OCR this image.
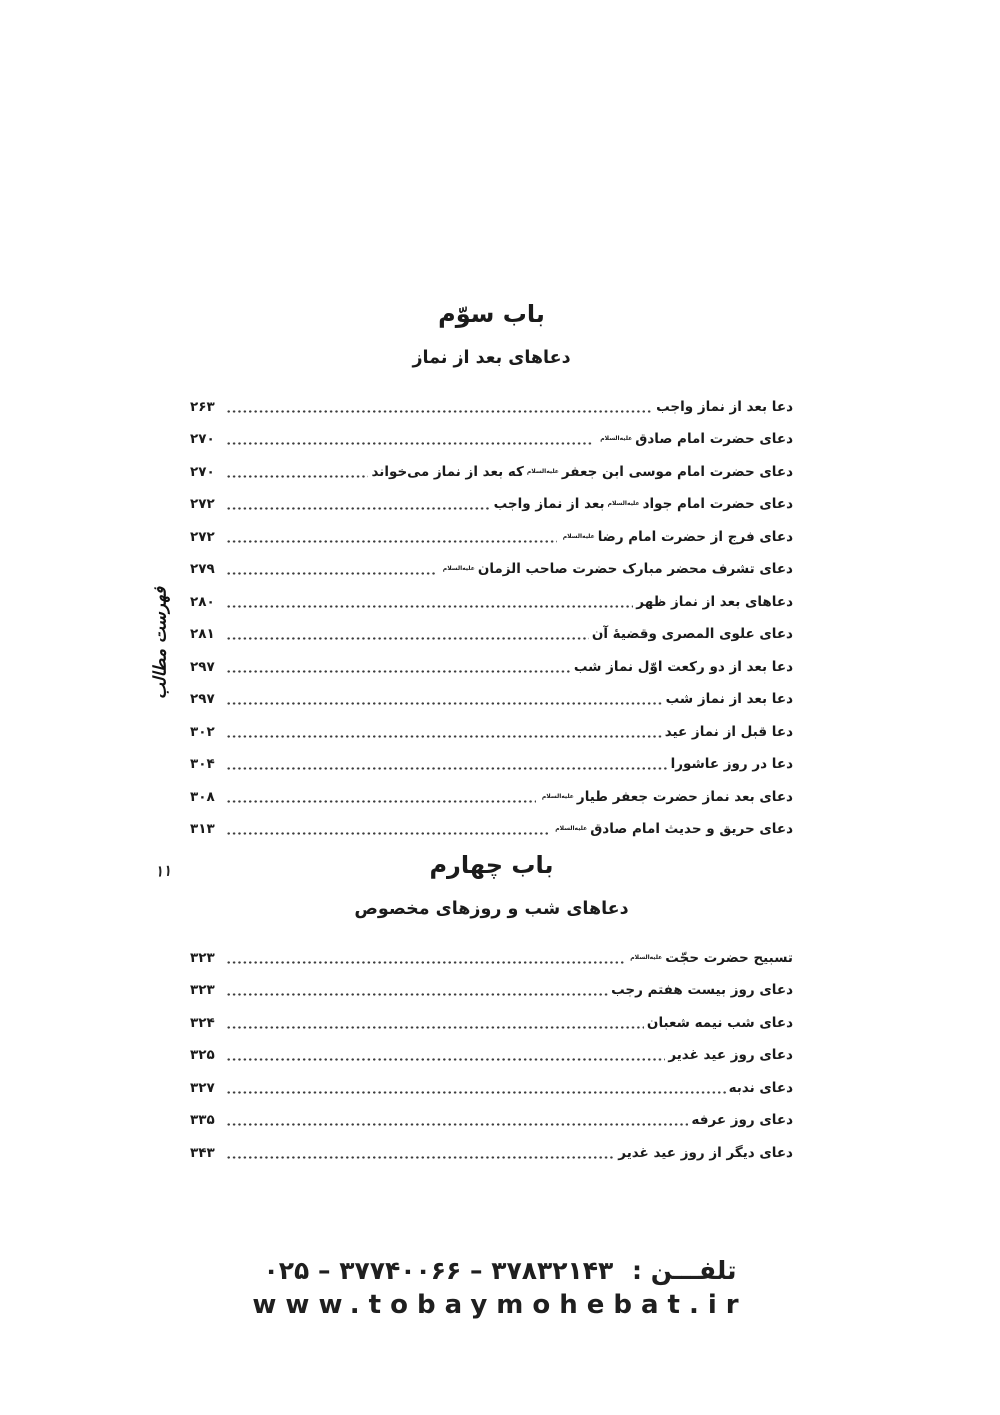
فهرست مطالب
۱۱
باب سوّم
دعاهای بعد از نماز
دعا بعد از نماز واجب
۲۶۳
دعای حضرت امام صادقعلیه‌السلام
۲۷۰
دعای حضرت امام موسی ابن جعفرعلیه‌السلامکه بعد از نماز می‌خواند
۲۷۰
دعای حضرت امام جوادعلیه‌السلامبعد از نماز واجب
۲۷۲
دعای فرج از حضرت امام رضاعلیه‌السلام
۲۷۲
دعای تشرف محضر مبارک حضرت صاحب الزمانعلیه‌السلام
۲۷۹
دعاهای بعد از نماز ظهر
۲۸۰
دعای علوی المصری وقضیهٔ آن
۲۸۱
دعا بعد از دو رکعت اوّل نماز شب
۲۹۷
دعا بعد از نماز شب
۲۹۷
دعا قبل از نماز عید
۳۰۲
دعا در روز عاشورا
۳۰۴
دعای بعد نماز حضرت جعفر طیارعلیه‌السلام
۳۰۸
دعای حریق و حدیث امام صادقعلیه‌السلام
۳۱۳
باب چهارم
دعاهای شب و روزهای مخصوص
تسبیح حضرت حجّتعلیه‌السلام
۳۲۳
دعای روز بیست هفتم رجب
۳۲۳
دعای شب نیمه شعبان
۳۲۴
دعای روز عید غدیر
۳۲۵
دعای ندبه
۳۲۷
دعای روز عرفه
۳۳۵
دعای دیگر از روز عید غدیر
۳۴۳
تلفـــن : ۳۷۸۳۲۱۴۳ – ۳۷۷۴۰۰۶۶ – ۰۲۵
www.tobaymohebat.ir
